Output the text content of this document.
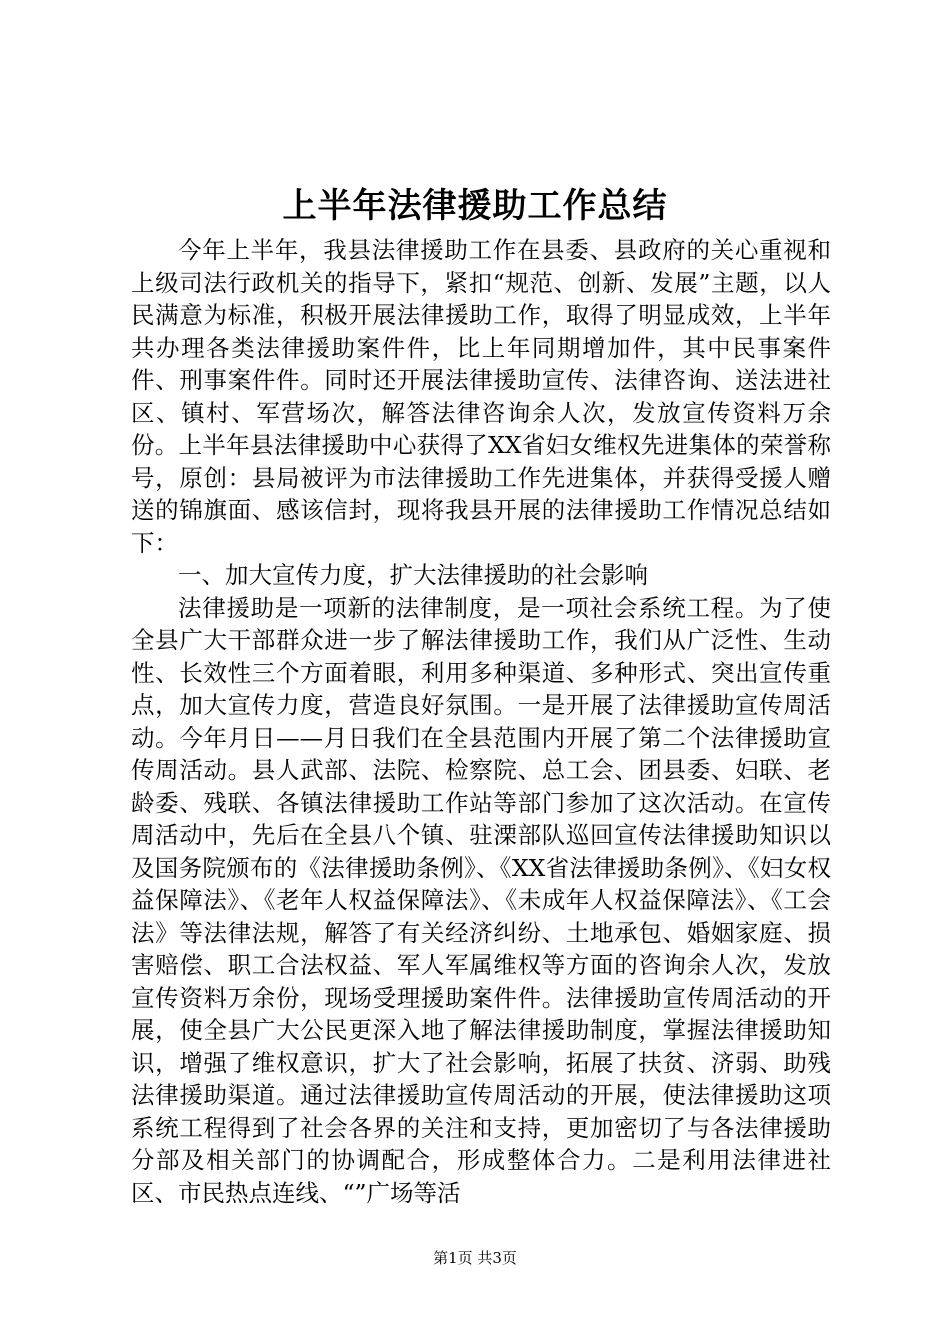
上半年法律援助工作总结

今年上半年，我县法律援助工作在县委、县政府的关心重视和上级司法行政机关的指导下，紧扣“规范、创新、发展”主题，以人民满意为标准，积极开展法律援助工作，取得了明显成效，上半年共办理各类法律援助案件件，比上年同期增加件，其中民事案件件、刑事案件件。同时还开展法律援助宣传、法律咨询、送法进社区、镇村、军营场次，解答法律咨询余人次，发放宣传资料万余份。上半年县法律援助中心获得了XX省妇女维权先进集体的荣誉称号，原创：县局被评为市法律援助工作先进集体，并获得受援人赠送的锦旗面、感该信封，现将我县开展的法律援助工作情况总结如下：

一、加大宣传力度，扩大法律援助的社会影响

法律援助是一项新的法律制度，是一项社会系统工程。为了使全县广大干部群众进一步了解法律援助工作，我们从广泛性、生动性、长效性三个方面着眼，利用多种渠道、多种形式、突出宣传重点，加大宣传力度，营造良好氛围。一是开展了法律援助宣传周活动。今年月日——月日我们在全县范围内开展了第二个法律援助宣传周活动。县人武部、法院、检察院、总工会、团县委、妇联、老龄委、残联、各镇法律援助工作站等部门参加了这次活动。在宣传周活动中，先后在全县八个镇、驻溧部队巡回宣传法律援助知识以及国务院颁布的《法律援助条例》、《XX省法律援助条例》、《妇女权益保障法》、《老年人权益保障法》、《未成年人权益保障法》、《工会法》等法律法规，解答了有关经济纠纷、土地承包、婚姻家庭、损害赔偿、职工合法权益、军人军属维权等方面的咨询余人次，发放宣传资料万余份，现场受理援助案件件。法律援助宣传周活动的开展，使全县广大公民更深入地了解法律援助制度，掌握法律援助知识，增强了维权意识，扩大了社会影响，拓展了扶贫、济弱、助残法律援助渠道。通过法律援助宣传周活动的开展，使法律援助这项系统工程得到了社会各界的关注和支持，更加密切了与各法律援助分部及相关部门的协调配合，形成整体合力。二是利用法律进社区、市民热点连线、“”广场等活

第1页 共3页
